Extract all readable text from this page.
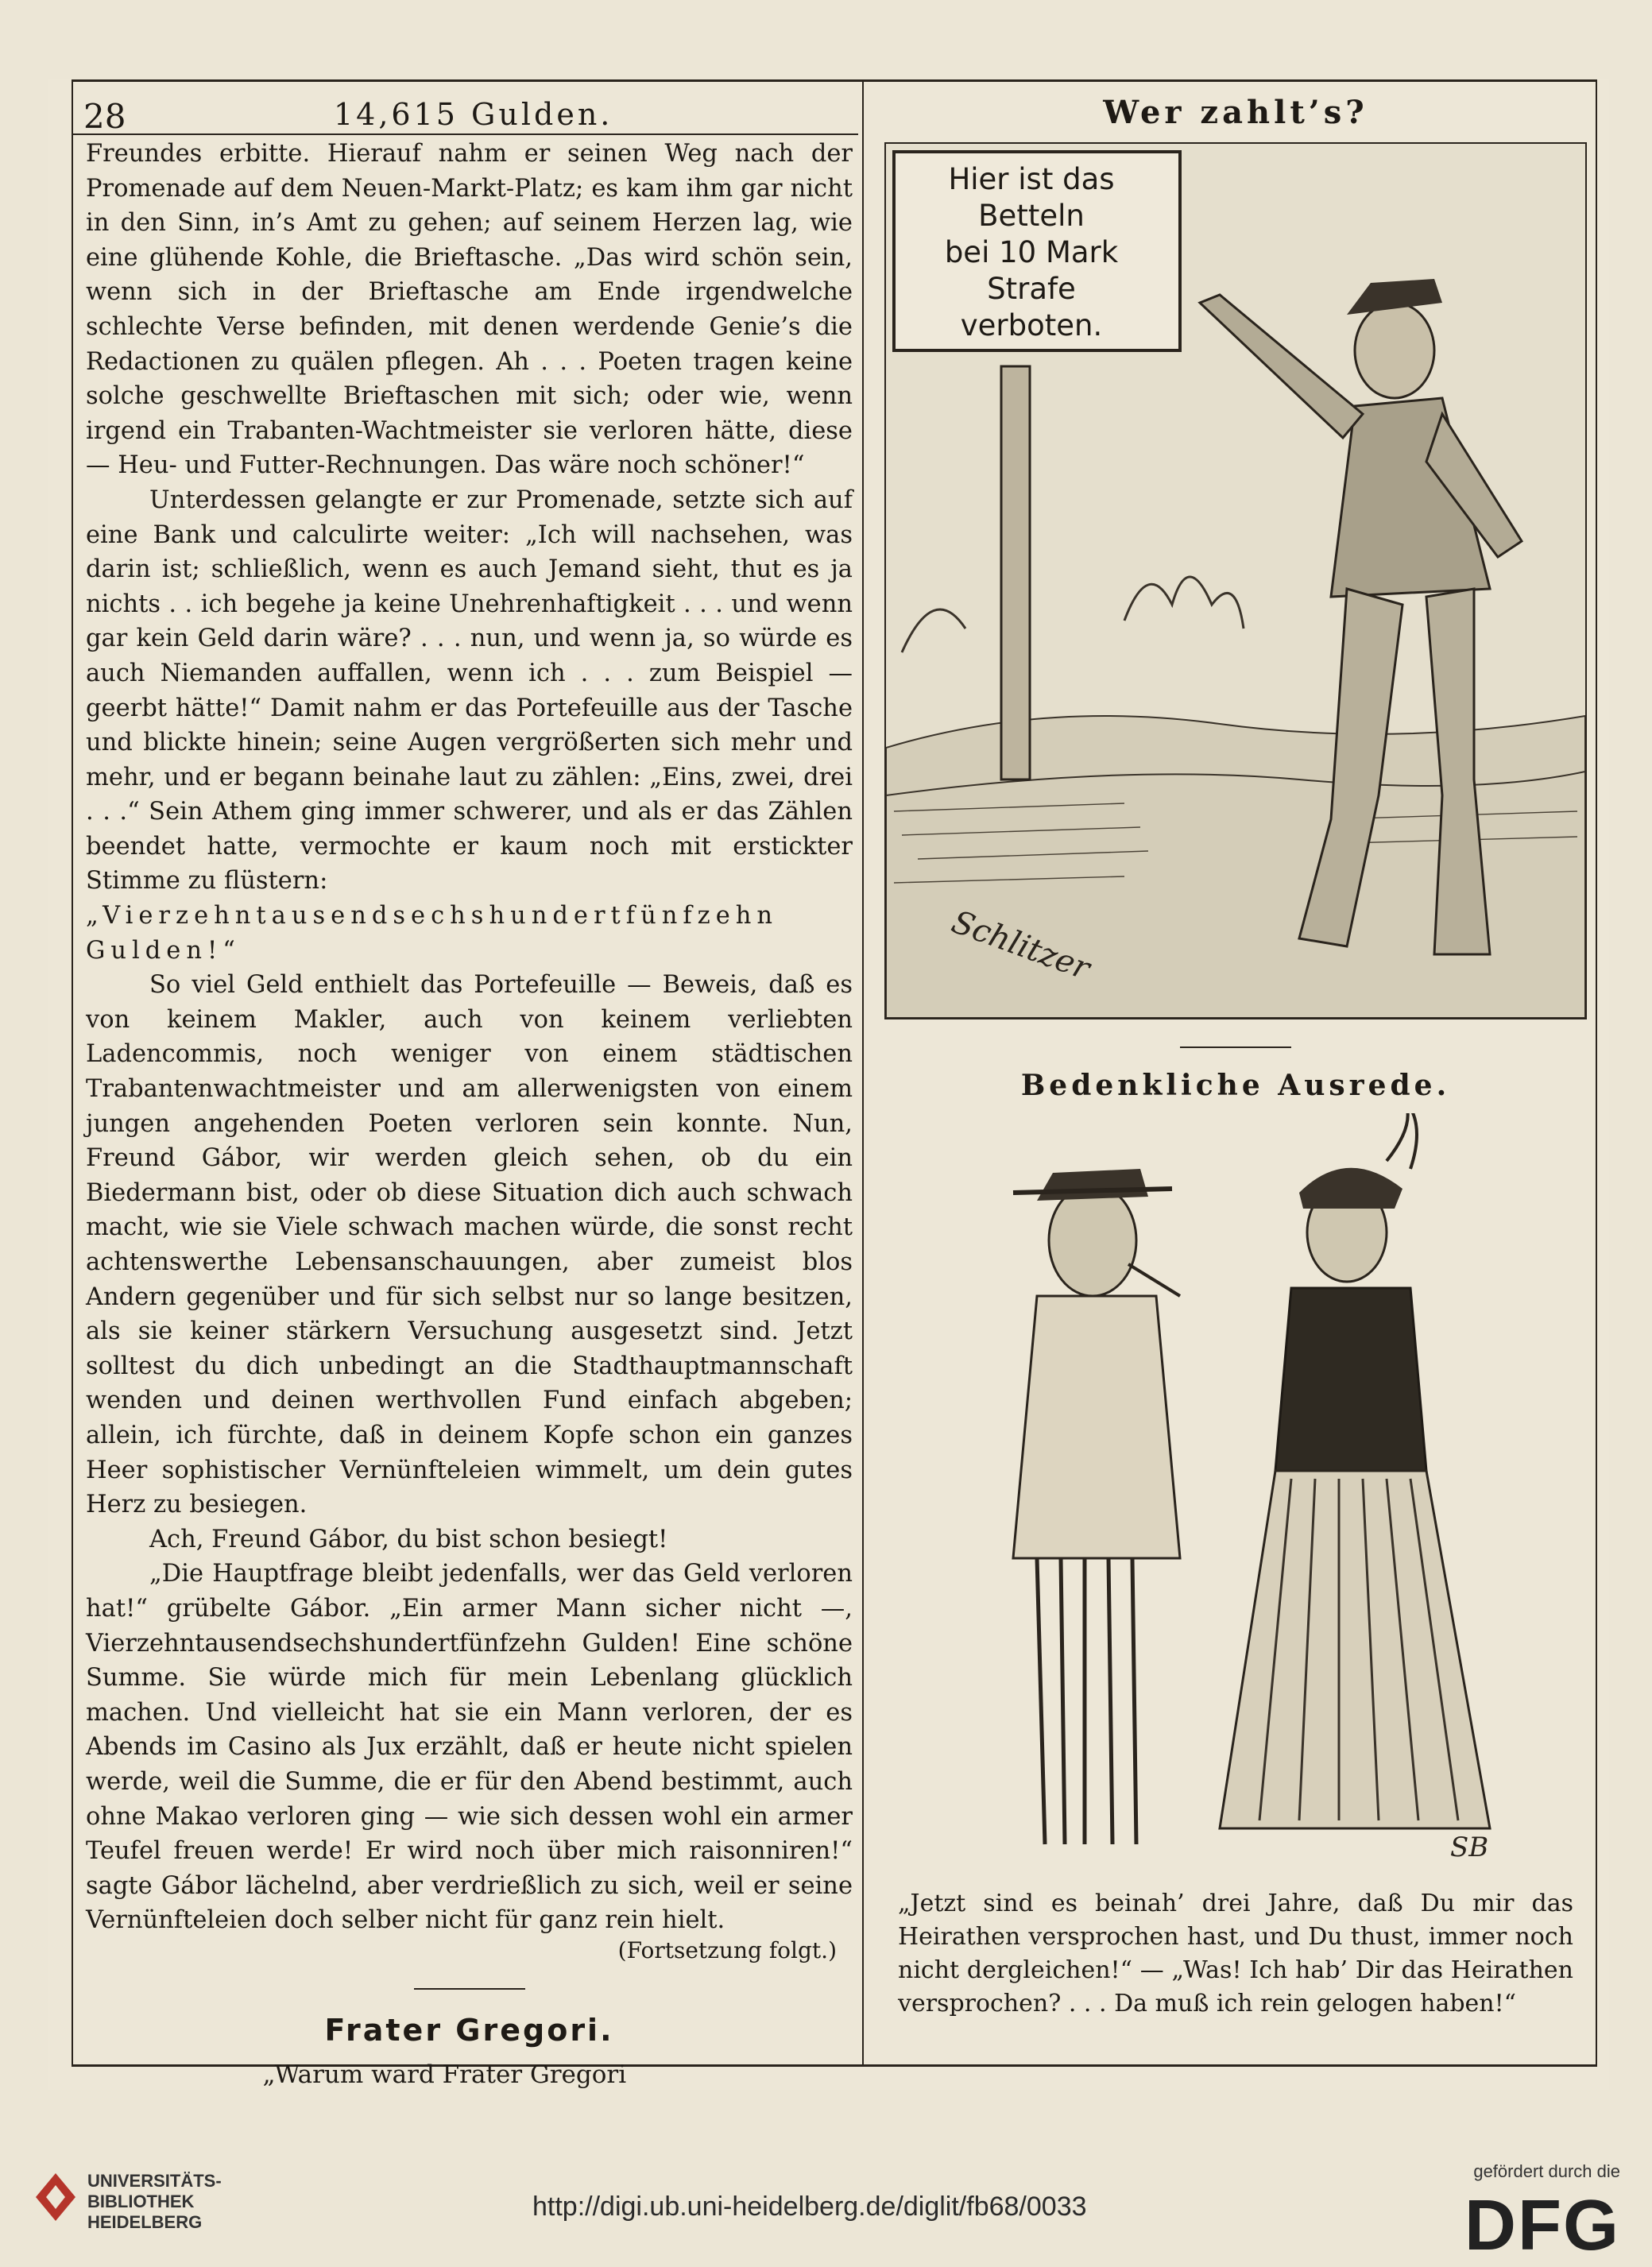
28	14,615 Gulden.

Freundes erbitte. Hierauf nahm er seinen Weg nach der Promenade auf dem Neuen-Markt-Platz; es kam ihm gar nicht in den Sinn, in’s Amt zu gehen; auf seinem Herzen lag, wie eine glühende Kohle, die Brieftasche. „Das wird schön sein, wenn sich in der Brieftasche am Ende irgendwelche schlechte Verse befinden, mit denen werdende Genie’s die Redactionen zu quälen pflegen. Ah . . . Poeten tragen keine solche geschwellte Brieftaschen mit sich; oder wie, wenn irgend ein Trabanten-Wachtmeister sie verloren hätte, diese — Heu- und Futter-Rechnungen. Das wäre noch schöner!“

Unterdessen gelangte er zur Promenade, setzte sich auf eine Bank und calculirte weiter: „Ich will nachsehen, was darin ist; schließlich, wenn es auch Jemand sieht, thut es ja nichts . . ich begehe ja keine Unehrenhaftigkeit . . . und wenn gar kein Geld darin wäre? . . . nun, und wenn ja, so würde es auch Niemanden auffallen, wenn ich . . . zum Beispiel — geerbt hätte!“ Damit nahm er das Portefeuille aus der Tasche und blickte hinein; seine Augen vergrößerten sich mehr und mehr, und er begann beinahe laut zu zählen: „Eins, zwei, drei . . .“ Sein Athem ging immer schwerer, und als er das Zählen beendet hatte, vermochte er kaum noch mit erstickter Stimme zu flüstern:

„Vierzehntausendsechshundertfünfzehn Gulden!“

So viel Geld enthielt das Portefeuille — Beweis, daß es von keinem Makler, auch von keinem verliebten Ladencommis, noch weniger von einem städtischen Trabantenwachtmeister und am allerwenigsten von einem jungen angehenden Poeten verloren sein konnte. Nun, Freund Gábor, wir werden gleich sehen, ob du ein Biedermann bist, oder ob diese Situation dich auch schwach macht, wie sie Viele schwach machen würde, die sonst recht achtenswerthe Lebensanschauungen, aber zumeist blos Andern gegenüber und für sich selbst nur so lange besitzen, als sie keiner stärkern Versuchung ausgesetzt sind. Jetzt solltest du dich unbedingt an die Stadthauptmannschaft wenden und deinen werthvollen Fund einfach abgeben; allein, ich fürchte, daß in deinem Kopfe schon ein ganzes Heer sophistischer Vernünfteleien wimmelt, um dein gutes Herz zu besiegen.

Ach, Freund Gábor, du bist schon besiegt!

„Die Hauptfrage bleibt jedenfalls, wer das Geld verloren hat!“ grübelte Gábor. „Ein armer Mann sicher nicht —, Vierzehntausendsechshundertfünfzehn Gulden! Eine schöne Summe. Sie würde mich für mein Lebenlang glücklich machen. Und vielleicht hat sie ein Mann verloren, der es Abends im Casino als Jux erzählt, daß er heute nicht spielen werde, weil die Summe, die er für den Abend bestimmt, auch ohne Makao verloren ging — wie sich dessen wohl ein armer Teufel freuen werde! Er wird noch über mich raisonniren!“ sagte Gábor lächelnd, aber verdrießlich zu sich, weil er seine Vernünfteleien doch selber nicht für ganz rein hielt.

(Fortsetzung folgt.)
Frater Gregori.
„Warum ward Frater Gregori
Wer zahlt’s?
Schlitzer
Hier ist das Betteln
bei 10 Mark Strafe
verboten.
Bedenkliche Ausrede.
SB
„Jetzt sind es beinah’ drei Jahre, daß Du mir das Heirathen versprochen hast, und Du thust, immer noch nicht dergleichen!“ — „Was! Ich hab’ Dir das Heirathen versprochen? . . . Da muß ich rein gelogen haben!“
UNIVERSITÄTS-
BIBLIOTHEK
HEIDELBERG
http://digi.ub.uni-heidelberg.de/diglit/fb68/0033
gefördert durch die
DFG
